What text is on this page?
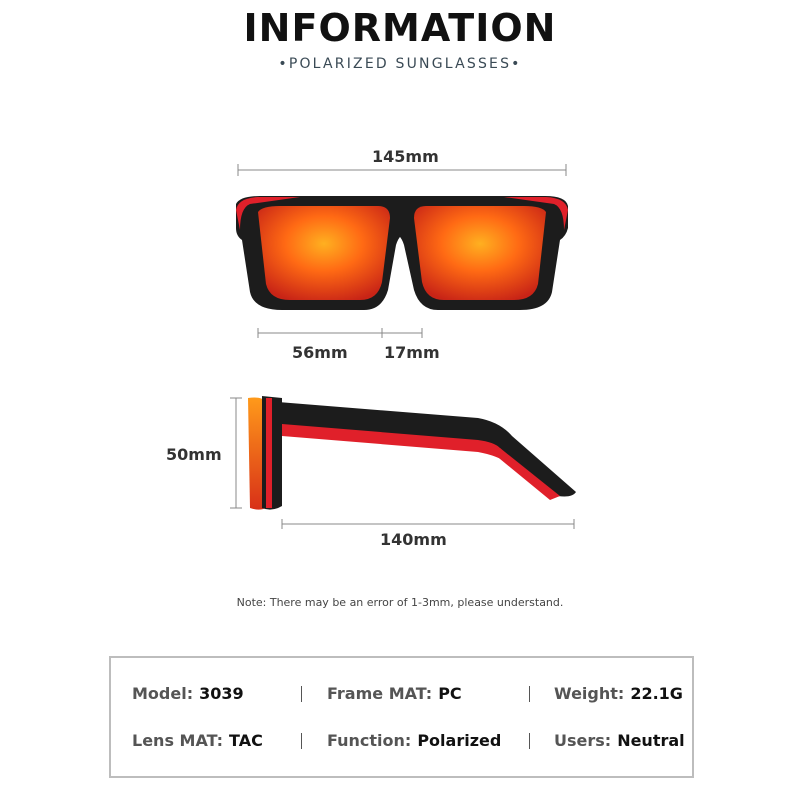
INFORMATION
•POLARIZED SUNGLASSES•
145mm
56mm 17mm
50mm
140mm
Note: There may be an error of 1-3mm, please understand.
Model: 3039	Frame MAT: PC	Weight: 22.1G
Lens MAT: TAC	Function: Polarized	Users: Neutral
